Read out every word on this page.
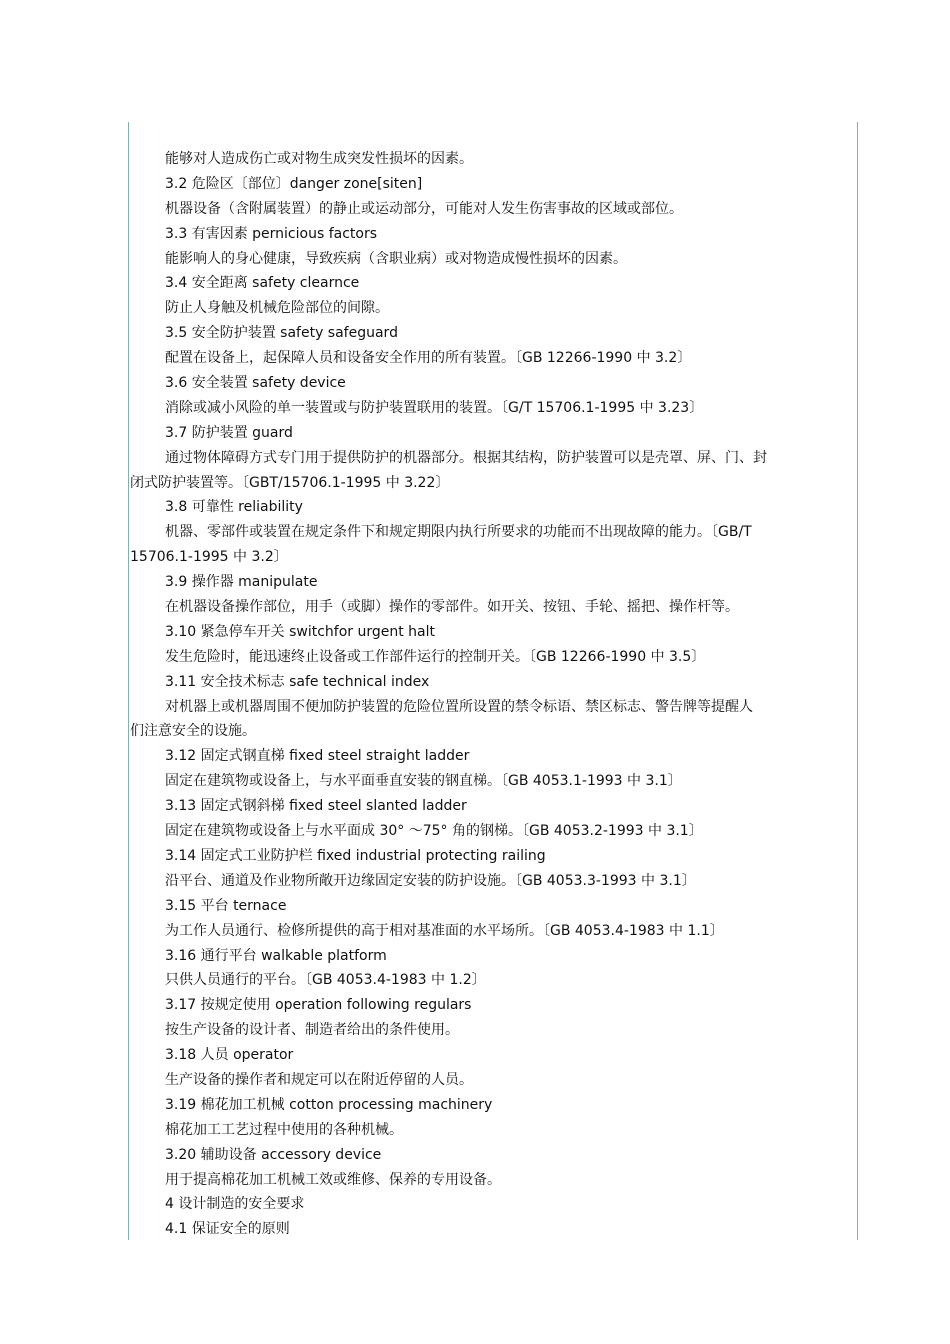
能够对人造成伤亡或对物生成突发性损坏的因素。
3.2 危险区〔部位〕danger zone[siten]
机器设备（含附属装置）的静止或运动部分，可能对人发生伤害事故的区域或部位。
3.3 有害因素 pernicious factors
能影响人的身心健康，导致疾病（含职业病）或对物造成慢性损坏的因素。
3.4 安全距离 safety clearnce
防止人身触及机械危险部位的间隙。
3.5 安全防护装置 safety safeguard
配置在设备上，起保障人员和设备安全作用的所有装置。〔GB 12266-1990 中 3.2〕
3.6 安全装置 safety device
消除或减小风险的单一装置或与防护装置联用的装置。〔G/T 15706.1-1995 中 3.23〕
3.7 防护装置 guard
通过物体障碍方式专门用于提供防护的机器部分。根据其结构，防护装置可以是壳罩、屏、门、封
闭式防护装置等。〔GBT/15706.1-1995 中 3.22〕
3.8 可靠性 reliability
机器、零部件或装置在规定条件下和规定期限内执行所要求的功能而不出现故障的能力。〔GB/T
15706.1-1995 中 3.2〕
3.9 操作器 manipulate
在机器设备操作部位，用手（或脚）操作的零部件。如开关、按钮、手轮、摇把、操作杆等。
3.10 紧急停车开关 switchfor urgent halt
发生危险时，能迅速终止设备或工作部件运行的控制开关。〔GB 12266-1990 中 3.5〕
3.11 安全技术标志 safe technical index
对机器上或机器周围不便加防护装置的危险位置所设置的禁令标语、禁区标志、警告牌等提醒人
们注意安全的设施。
3.12 固定式钢直梯 fixed steel straight ladder
固定在建筑物或设备上，与水平面垂直安装的钢直梯。〔GB 4053.1-1993 中 3.1〕
3.13 固定式钢斜梯 fixed steel slanted ladder
固定在建筑物或设备上与水平面成 30° ～75° 角的钢梯。〔GB 4053.2-1993 中 3.1〕
3.14 固定式工业防护栏 fixed industrial protecting railing
沿平台、通道及作业物所敞开边缘固定安装的防护设施。〔GB 4053.3-1993 中 3.1〕
3.15 平台 ternace
为工作人员通行、检修所提供的高于相对基准面的水平场所。〔GB 4053.4-1983 中 1.1〕
3.16 通行平台 walkable platform
只供人员通行的平台。〔GB 4053.4-1983 中 1.2〕
3.17 按规定使用 operation following regulars
按生产设备的设计者、制造者给出的条件使用。
3.18 人员 operator
生产设备的操作者和规定可以在附近停留的人员。
3.19 棉花加工机械 cotton processing machinery
棉花加工工艺过程中使用的各种机械。
3.20 辅助设备 accessory device
用于提高棉花加工机械工效或维修、保养的专用设备。
4 设计制造的安全要求
4.1 保证安全的原则
